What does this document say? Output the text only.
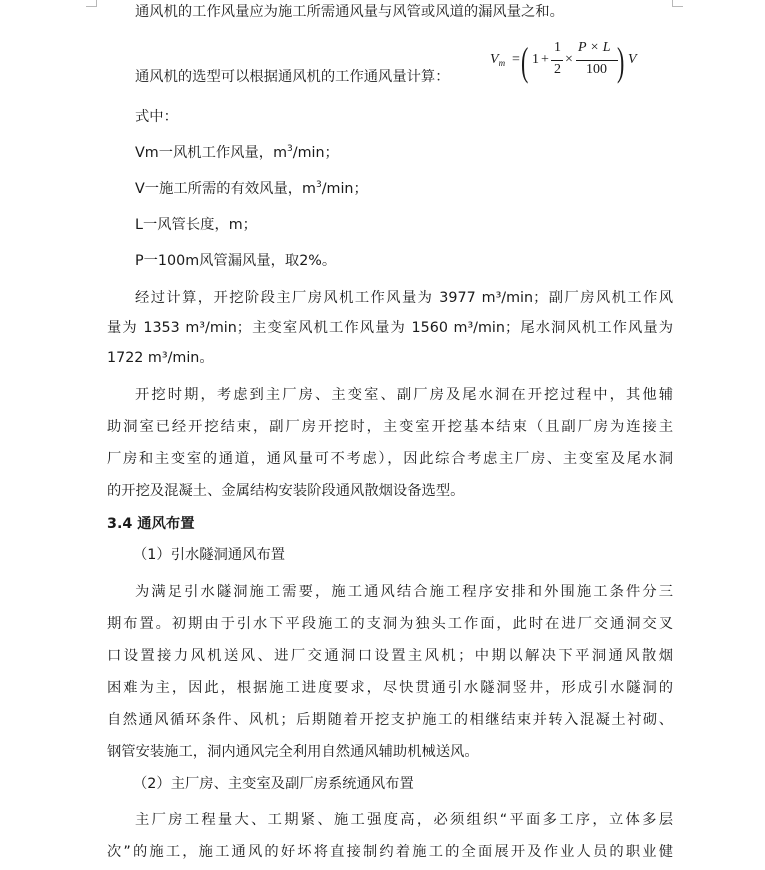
通风机的工作风量应为施工所需通风量与风管或风道的漏风量之和。
通风机的选型可以根据通风机的工作通风量计算：
$V_m$ = ( 1 +
1
2
×
P × L
100 ) V
式中：
Vm一风机工作风量，$m^3/\min$；
V一施工所需的有效风量，$m^3/\min$；
L一风管长度，m；
P一100m风管漏风量，取2%。
经过计算，开挖阶段主厂房风机工作风量为 3977 m³/min；副厂房风机工作风
量为 1353 m³/min；主变室风机工作风量为 1560 m³/min；尾水洞风机工作风量为
1722 m³/min。
开挖时期，考虑到主厂房、主变室、副厂房及尾水洞在开挖过程中，其他辅
助洞室已经开挖结束，副厂房开挖时，主变室开挖基本结束（且副厂房为连接主
厂房和主变室的通道，通风量可不考虑），因此综合考虑主厂房、主变室及尾水洞
的开挖及混凝土、金属结构安装阶段通风散烟设备选型。
3.4 通风布置
（1）引水隧洞通风布置
为满足引水隧洞施工需要，施工通风结合施工程序安排和外围施工条件分三
期布置。初期由于引水下平段施工的支洞为独头工作面，此时在进厂交通洞交叉
口设置接力风机送风、进厂交通洞口设置主风机；中期以解决下平洞通风散烟
困难为主，因此，根据施工进度要求，尽快贯通引水隧洞竖井，形成引水隧洞的
自然通风循环条件、风机；后期随着开挖支护施工的相继结束并转入混凝土衬砌、
钢管安装施工，洞内通风完全利用自然通风辅助机械送风。
（2）主厂房、主变室及副厂房系统通风布置
主厂房工程量大、工期紧、施工强度高，必须组织“平面多工序，立体多层
次”的施工，施工通风的好坏将直接制约着施工的全面展开及作业人员的职业健
